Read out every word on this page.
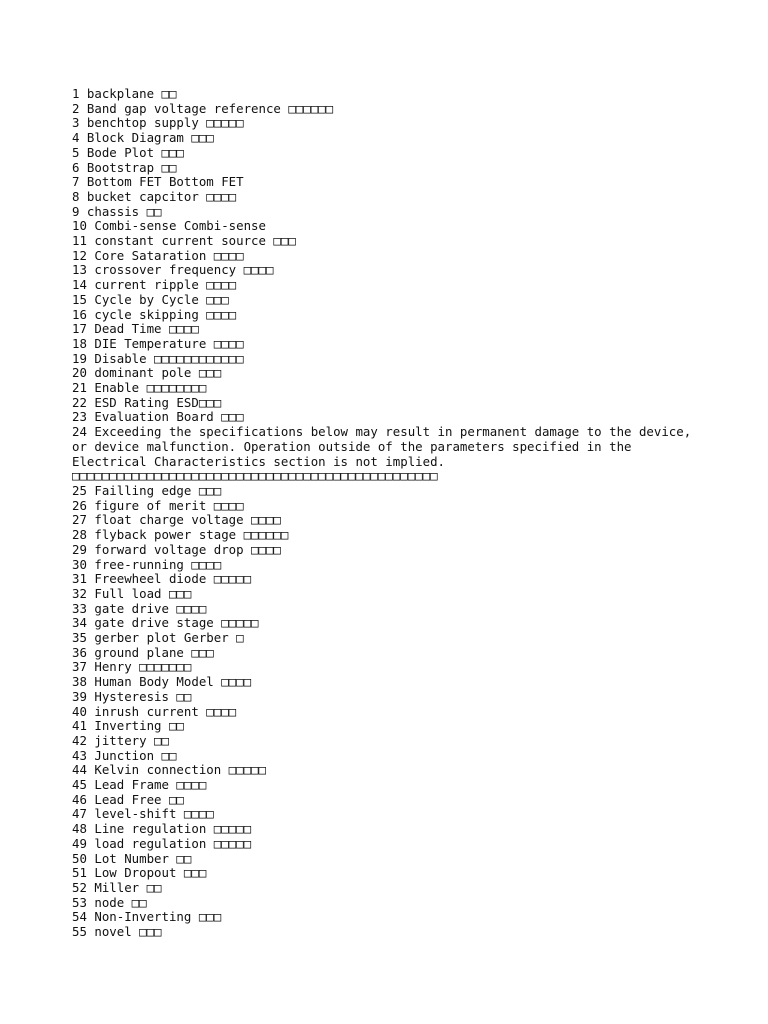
1 backplane □□
2 Band gap voltage reference □□□□□□
3 benchtop supply □□□□□
4 Block Diagram □□□
5 Bode Plot □□□
6 Bootstrap □□
7 Bottom FET Bottom FET
8 bucket capcitor □□□□
9 chassis □□
10 Combi-sense Combi-sense
11 constant current source □□□
12 Core Sataration □□□□
13 crossover frequency □□□□
14 current ripple □□□□
15 Cycle by Cycle □□□
16 cycle skipping □□□□
17 Dead Time □□□□
18 DIE Temperature □□□□
19 Disable □□□□□□□□□□□□
20 dominant pole □□□
21 Enable □□□□□□□□
22 ESD Rating ESD□□□
23 Evaluation Board □□□
24 Exceeding the specifications below may result in permanent damage to the device, or device malfunction. Operation outside of the parameters specified in the Electrical Characteristics section is not implied. □□□□□□□□□□□□□□□□□□□□□□□□□□□□□□□□□□□□□□□□□□□□□□□□□
25 Failling edge □□□
26 figure of merit □□□□
27 float charge voltage □□□□
28 flyback power stage □□□□□□
29 forward voltage drop □□□□
30 free-running □□□□
31 Freewheel diode □□□□□
32 Full load □□□
33 gate drive □□□□
34 gate drive stage □□□□□
35 gerber plot Gerber □
36 ground plane □□□
37 Henry □□□□□□□
38 Human Body Model □□□□
39 Hysteresis □□
40 inrush current □□□□
41 Inverting □□
42 jittery □□
43 Junction □□
44 Kelvin connection □□□□□
45 Lead Frame □□□□
46 Lead Free □□
47 level-shift □□□□
48 Line regulation □□□□□
49 load regulation □□□□□
50 Lot Number □□
51 Low Dropout □□□
52 Miller □□
53 node □□
54 Non-Inverting □□□
55 novel □□□
